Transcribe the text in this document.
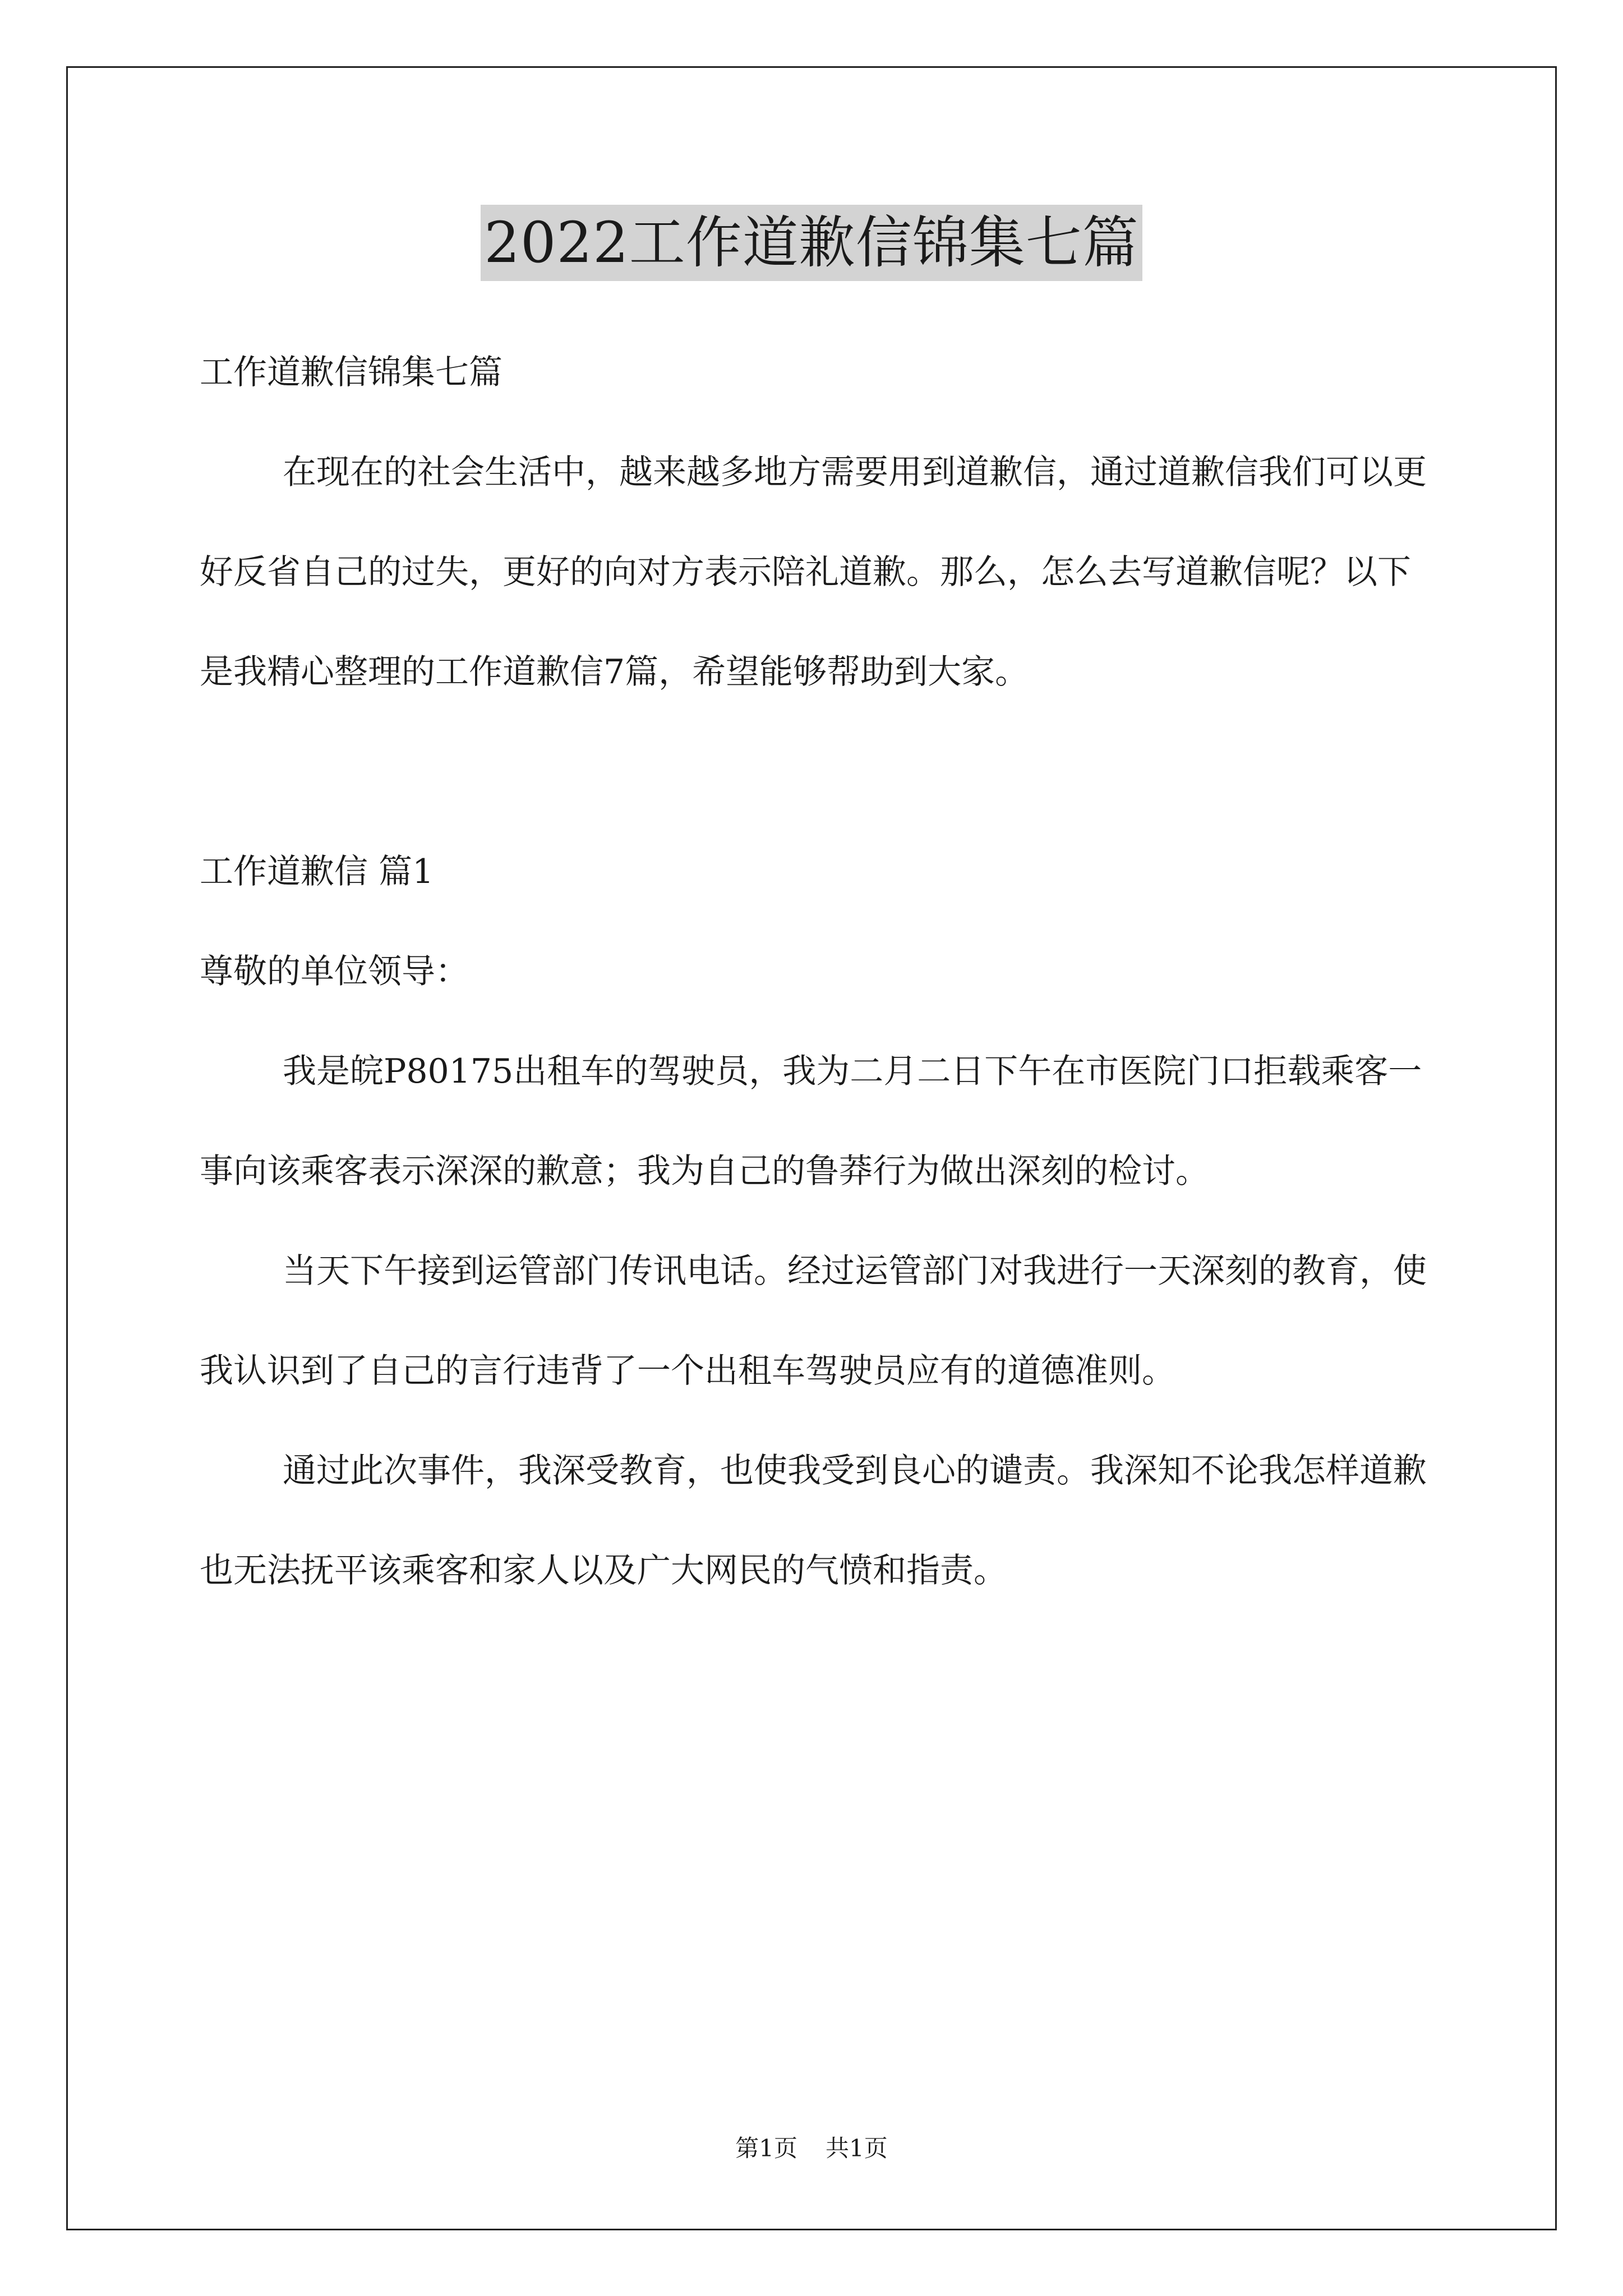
2022工作道歉信锦集七篇

工作道歉信锦集七篇

在现在的社会生活中，越来越多地方需要用到道歉信，通过道歉信我们可以更好反省自己的过失，更好的向对方表示陪礼道歉。那么，怎么去写道歉信呢？以下是我精心整理的工作道歉信7篇，希望能够帮助到大家。

工作道歉信 篇1

尊敬的单位领导：

我是皖P80175出租车的驾驶员，我为二月二日下午在市医院门口拒载乘客一事向该乘客表示深深的歉意；我为自己的鲁莽行为做出深刻的检讨。

当天下午接到运管部门传讯电话。经过运管部门对我进行一天深刻的教育，使我认识到了自己的言行违背了一个出租车驾驶员应有的道德准则。

通过此次事件，我深受教育，也使我受到良心的谴责。我深知不论我怎样道歉也无法抚平该乘客和家人以及广大网民的气愤和指责。

第1页 共1页
